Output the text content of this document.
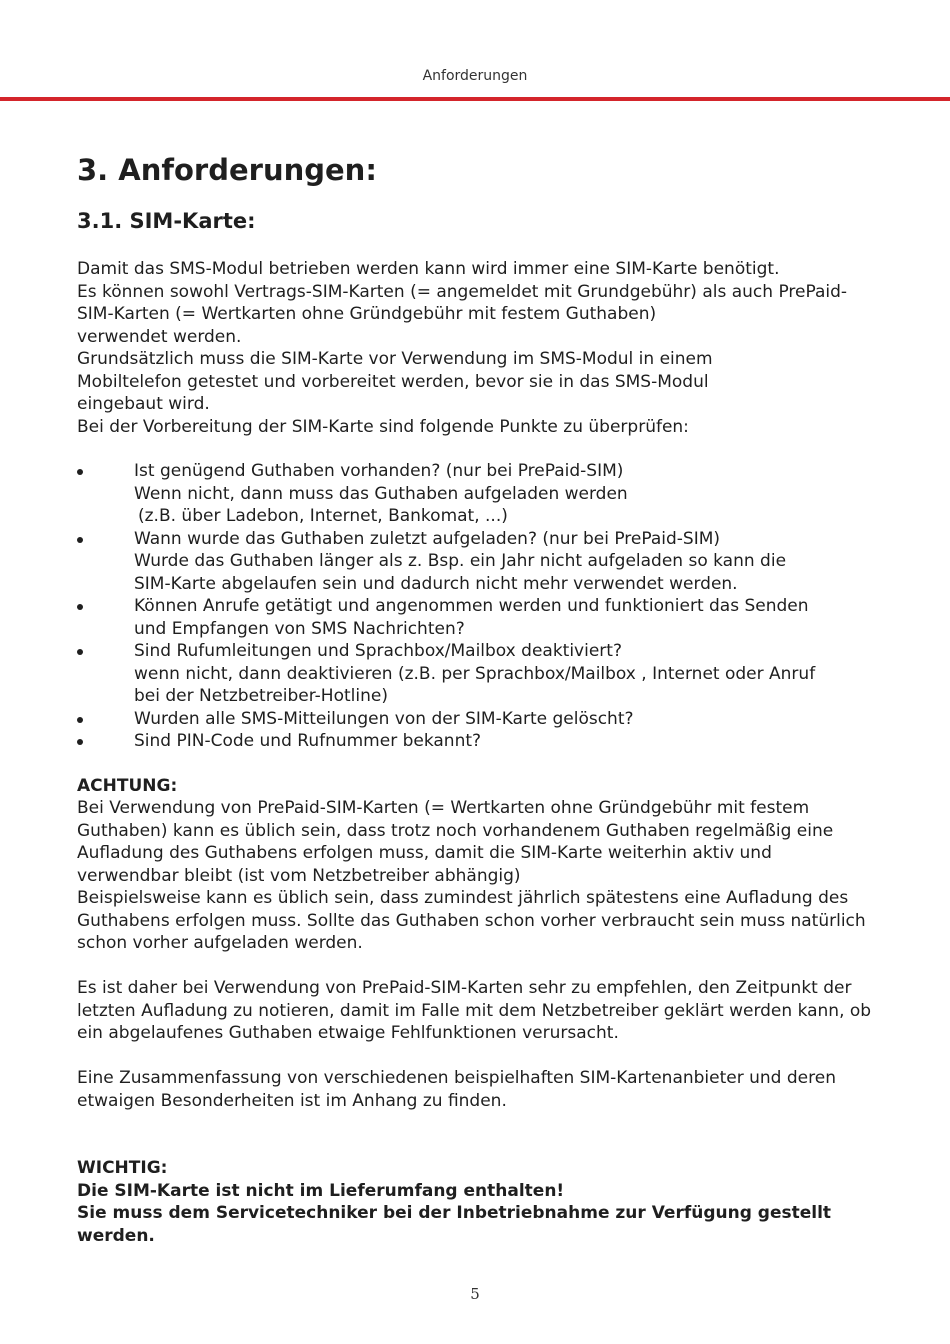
Anforderungen
3. Anforderungen:
3.1. SIM-Karte:

Damit das SMS-Modul betrieben werden kann wird immer eine SIM-Karte benötigt.

Es können sowohl Vertrags-SIM-Karten (= angemeldet mit Grundgebühr) als auch PrePaid-

SIM-Karten (= Wertkarten ohne Gründgebühr mit festem Guthaben)

verwendet werden.

Grundsätzlich muss die SIM-Karte vor Verwendung im SMS-Modul in einem

Mobiltelefon getestet und vorbereitet werden, bevor sie in das SMS-Modul

eingebaut wird.

Bei der Vorbereitung der SIM-Karte sind folgende Punkte zu überprüfen:

Ist genügend Guthaben vorhanden? (nur bei PrePaid-SIM)

Wenn nicht, dann muss das Guthaben aufgeladen werden

(z.B. über Ladebon, Internet, Bankomat, ...)

Wann wurde das Guthaben zuletzt aufgeladen? (nur bei PrePaid-SIM)

Wurde das Guthaben länger als z. Bsp. ein Jahr nicht aufgeladen so kann die

SIM-Karte abgelaufen sein und dadurch nicht mehr verwendet werden.

Können Anrufe getätigt und angenommen werden und funktioniert das Senden

und Empfangen von SMS Nachrichten?

Sind Rufumleitungen und Sprachbox/Mailbox deaktiviert?

wenn nicht, dann deaktivieren (z.B. per Sprachbox/Mailbox , Internet oder Anruf

bei der Netzbetreiber-Hotline)

Wurden alle SMS-Mitteilungen von der SIM-Karte gelöscht?

Sind PIN-Code und Rufnummer bekannt?

ACHTUNG:

Bei Verwendung von PrePaid-SIM-Karten (= Wertkarten ohne Gründgebühr mit festem

Guthaben) kann es üblich sein, dass trotz noch vorhandenem Guthaben regelmäßig eine

Aufladung des Guthabens erfolgen muss, damit die SIM-Karte weiterhin aktiv und

verwendbar bleibt (ist vom Netzbetreiber abhängig)

Beispielsweise kann es üblich sein, dass zumindest jährlich spätestens eine Aufladung des

Guthabens erfolgen muss. Sollte das Guthaben schon vorher verbraucht sein muss natürlich

schon vorher aufgeladen werden.

Es ist daher bei Verwendung von PrePaid-SIM-Karten sehr zu empfehlen, den Zeitpunkt der

letzten Aufladung zu notieren, damit im Falle mit dem Netzbetreiber geklärt werden kann, ob

ein abgelaufenes Guthaben etwaige Fehlfunktionen verursacht.

Eine Zusammenfassung von verschiedenen beispielhaften SIM-Kartenanbieter und deren

etwaigen Besonderheiten ist im Anhang zu finden.

WICHTIG:

Die SIM-Karte ist nicht im Lieferumfang enthalten!

Sie muss dem Servicetechniker bei der Inbetriebnahme zur Verfügung gestellt werden.

5
